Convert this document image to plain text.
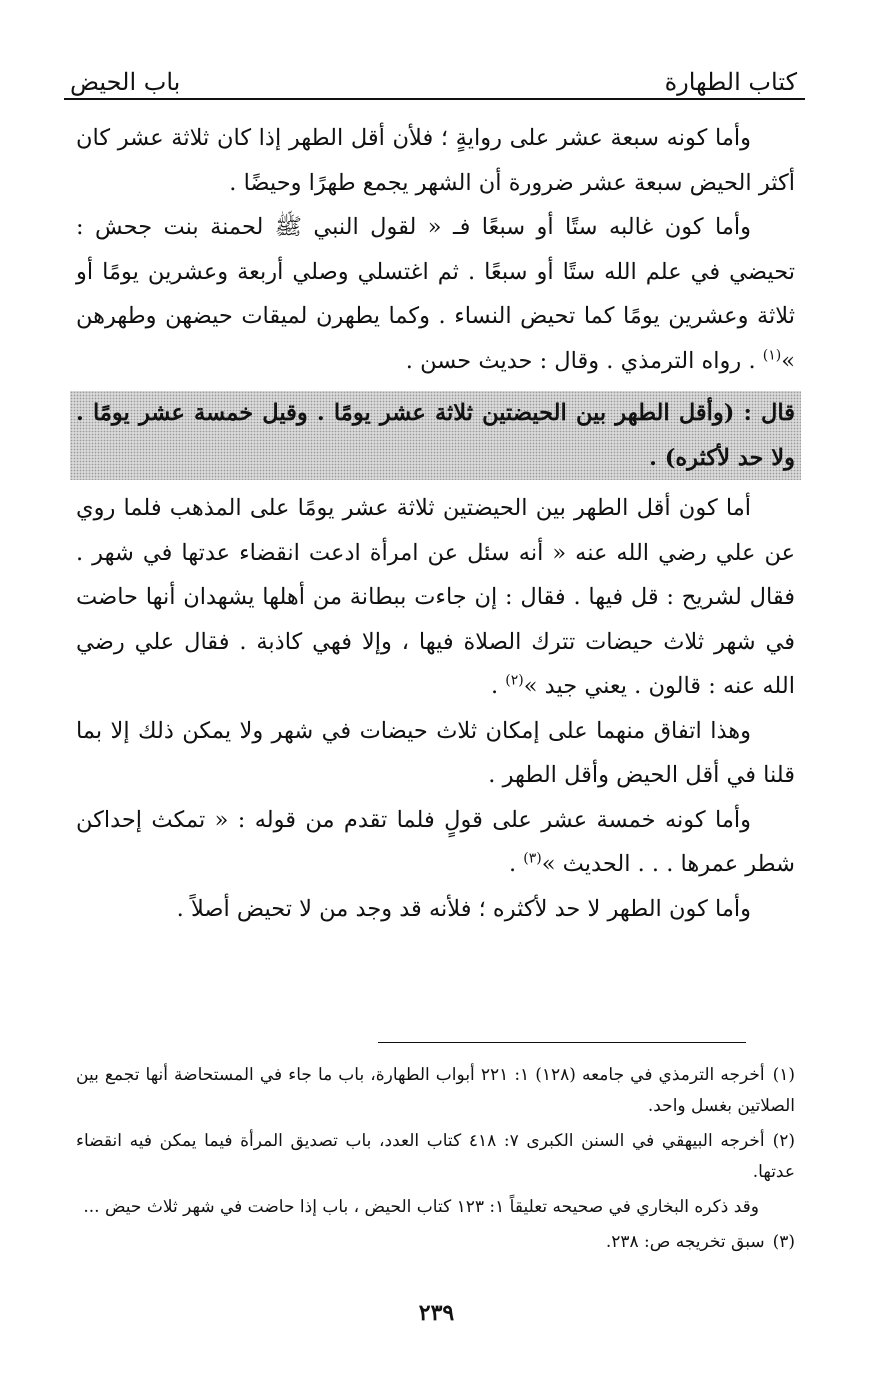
كتاب الطهارة
باب الحيض

وأما كونه سبعة عشر على روايةٍ ؛ فلأن أقل الطهر إذا كان ثلاثة عشر كان أكثر الحيض سبعة عشر ضرورة أن الشهر يجمع طهرًا وحيضًا .

وأما كون غالبه ستًا أو سبعًا فـ « لقول النبي ﷺ لحمنة بنت جحش : تحيضي في علم الله ستًا أو سبعًا . ثم اغتسلي وصلي أربعة وعشرين يومًا أو ثلاثة وعشرين يومًا كما تحيض النساء . وكما يطهرن لميقات حيضهن وطهرهن »$^{(١)}$ . رواه الترمذي . وقال : حديث حسن .

قال : (وأقل الطهر بين الحيضتين ثلاثة عشر يومًا . وقيل خمسة عشر يومًا . ولا حد لأكثره) .

أما كون أقل الطهر بين الحيضتين ثلاثة عشر يومًا على المذهب فلما روي عن علي رضي الله عنه « أنه سئل عن امرأة ادعت انقضاء عدتها في شهر . فقال لشريح : قل فيها . فقال : إن جاءت ببطانة من أهلها يشهدان أنها حاضت في شهر ثلاث حيضات تترك الصلاة فيها ، وإلا فهي كاذبة . فقال علي رضي الله عنه : قالون . يعني جيد »$^{(٢)}$ .

وهذا اتفاق منهما على إمكان ثلاث حيضات في شهر ولا يمكن ذلك إلا بما قلنا في أقل الحيض وأقل الطهر .

وأما كونه خمسة عشر على قولٍ فلما تقدم من قوله : « تمكث إحداكن شطر عمرها . . . الحديث »$^{(٣)}$ .

وأما كون الطهر لا حد لأكثره ؛ فلأنه قد وجد من لا تحيض أصلاً .

(١)أخرجه الترمذي في جامعه (١٢٨) ١: ٢٢١ أبواب الطهارة، باب ما جاء في المستحاضة أنها تجمع بين الصلاتين بغسل واحد.

(٢)أخرجه البيهقي في السنن الكبرى ٧: ٤١٨ كتاب العدد، باب تصديق المرأة فيما يمكن فيه انقضاء عدتها.

وقد ذكره البخاري في صحيحه تعليقاً ١: ١٢٣ كتاب الحيض ، باب إذا حاضت في شهر ثلاث حيض ...

(٣)سبق تخريجه ص: ٢٣٨.

٢٣٩
